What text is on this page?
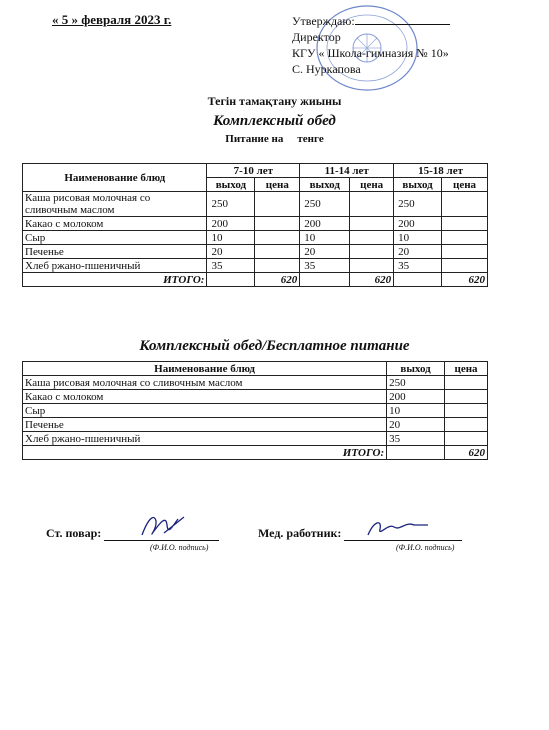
« 5 » февраля 2023 г.	Утверждаю:
Директор
КГУ « Школа-гимназия № 10»
С. Нуркапова
Тегін тамақтану жиыны
Комплексный обед
Питание на тенге
Наименование блюд	7-10 лет		11-14 лет		15-18 лет	
	выход	цена	выход	цена	выход	цена
Каша рисовая молочная со сливочным маслом	250		250		250	
Какао с молоком	200		200		200	
Сыр	10		10		10	
Печенье	20		20		20	
Хлеб ржано-пшеничный	35		35		35	
ИТОГО:		620		620		620
Комплексный обед/Бесплатное питание
Наименование блюд	выход	цена
Каша рисовая молочная со сливочным маслом	250	
Какао с молоком	200	
Сыр	10	
Печенье	20	
Хлеб ржано-пшеничный	35	
ИТОГО:		620
Ст. повар:
(Ф.И.О. подпись)
Мед. работник:
(Ф.И.О. подпись)
